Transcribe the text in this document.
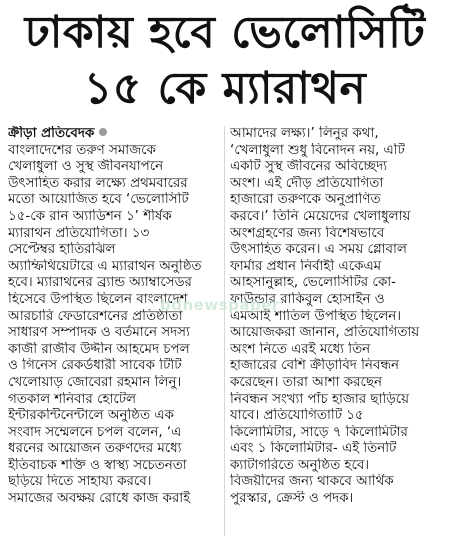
ঢাকায় হবে ভেলোসিটি
১৫ কে ম্যারাথন
ক্রীড়া প্রতিবেদক
বাংলাদেশের তরুণ সমাজকে
খেলাধুলা ও সুস্থ জীবনযাপনে
উৎসাহিত করার লক্ষ্যে প্রথমবারের
মতো আয়োজিত হবে ‘ভেলোসিটি
১৫-কে রান অ্যাডিশন ১’ শীর্ষক
ম্যারাথন প্রতিযোগিতা। ১৩
সেপ্টেম্বর হাতিরঝিল
অ্যাম্ফিথিয়েটারে এ ম্যারাথন অনুষ্ঠিত
হবে। ম্যারাথনের ব্র্যান্ড অ্যাম্বাসেডর
হিসেবে উপস্থিত ছিলেন বাংলাদেশ
আরচারি ফেডারেশনের প্রতিষ্ঠাতা
সাধারণ সম্পাদক ও বর্তমানে সদস্য
কাজী রাজীব উদ্দীন আহমেদ চপল
ও গিনেস রেকর্ডধারী সাবেক টিটি
খেলোয়াড় জোবেরা রহমান লিনু।
গতকাল শনিবার হোটেল
ইন্টারকন্টিনেন্টালে অনুষ্ঠিত এক
সংবাদ সম্মেলনে চপল বলেন, ‘এ
ধরনের আয়োজন তরুণদের মধ্যে
ইতিবাচক শক্তি ও স্বাস্থ্য সচেতনতা
ছড়িয়ে দিতে সাহায্য করবে।
সমাজের অবক্ষয় রোধে কাজ করাই
আমাদের লক্ষ্য।’ লিনুর কথা,
‘খেলাধুলা শুধু বিনোদন নয়, এটি
একটি সুস্থ জীবনের অবিচ্ছেদ্য
অংশ। এই দৌড় প্রতিযোগিতা
হাজারো তরুণকে অনুপ্রাণিত
করবে।’ তিনি মেয়েদের খেলাধুলায়
অংশগ্রহণের জন্য বিশেষভাবে
উৎসাহিত করেন। এ সময় গ্লোবাল
ফার্মার প্রধান নির্বাহী একেএম
আহসানুল্লাহ, ভেলোসিটির কো-
ফাউন্ডার রাকিবুল হোসাইন ও
এমআই শাতিল উপস্থিত ছিলেন।
আয়োজকরা জানান, প্রতিযোগিতায়
অংশ নিতে এরই মধ্যে তিন
হাজারের বেশি ক্রীড়াবিদ নিবন্ধন
করেছেন। তারা আশা করছেন
নিবন্ধন সংখ্যা পাঁচ হাজার ছাড়িয়ে
যাবে। প্রতিযোগিতাটি ১৫
কিলোমিটার, সাড়ে ৭ কিলোমিটার
এবং ১ কিলোমিটার- এই তিনটি
ক্যাটাগরিতে অনুষ্ঠিত হবে।
বিজয়ীদের জন্য থাকবে আর্থিক
পুরস্কার, ক্রেস্ট ও পদক।
bdnewspaper
